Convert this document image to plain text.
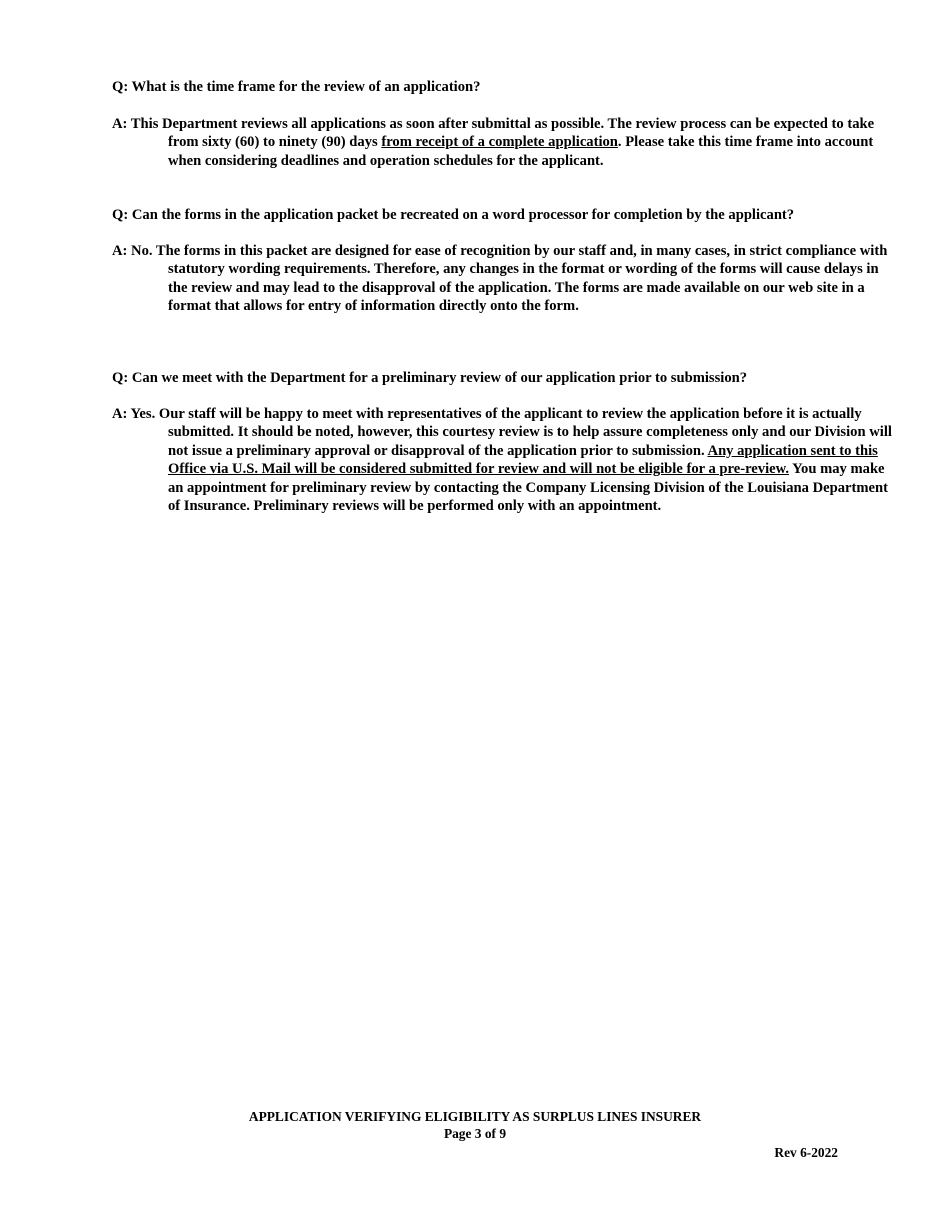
Q: What is the time frame for the review of an application?
A: This Department reviews all applications as soon after submittal as possible. The review process can be expected to take from sixty (60) to ninety (90) days from receipt of a complete application. Please take this time frame into account when considering deadlines and operation schedules for the applicant.
Q: Can the forms in the application packet be recreated on a word processor for completion by the applicant?
A: No. The forms in this packet are designed for ease of recognition by our staff and, in many cases, in strict compliance with statutory wording requirements. Therefore, any changes in the format or wording of the forms will cause delays in the review and may lead to the disapproval of the application. The forms are made available on our web site in a format that allows for entry of information directly onto the form.
Q: Can we meet with the Department for a preliminary review of our application prior to submission?
A: Yes. Our staff will be happy to meet with representatives of the applicant to review the application before it is actually submitted. It should be noted, however, this courtesy review is to help assure completeness only and our Division will not issue a preliminary approval or disapproval of the application prior to submission. Any application sent to this Office via U.S. Mail will be considered submitted for review and will not be eligible for a pre-review. You may make an appointment for preliminary review by contacting the Company Licensing Division of the Louisiana Department of Insurance. Preliminary reviews will be performed only with an appointment.
APPLICATION VERIFYING ELIGIBILITY AS SURPLUS LINES INSURER
Page 3 of 9
Rev 6-2022
